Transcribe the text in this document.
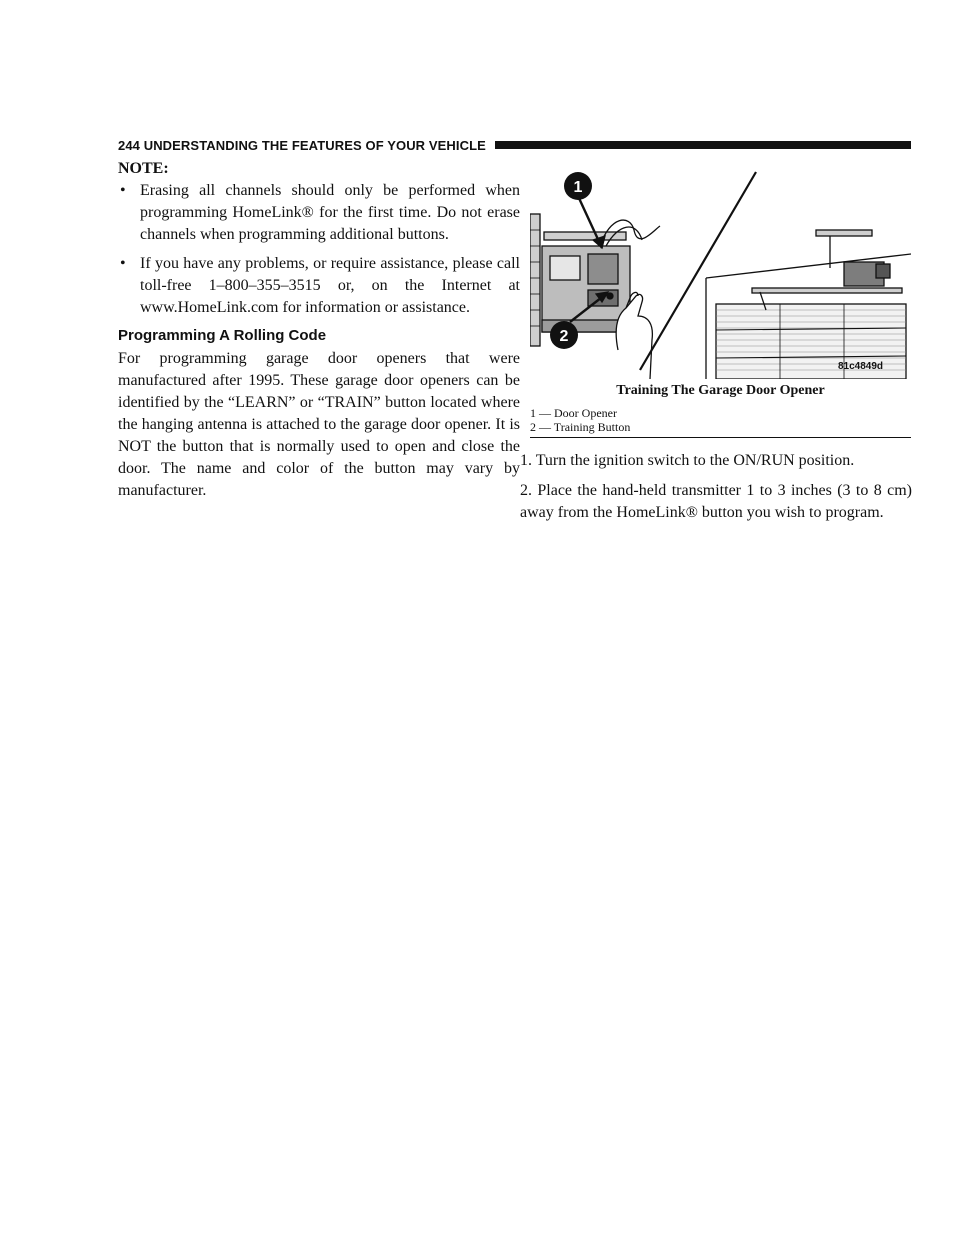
244 UNDERSTANDING THE FEATURES OF YOUR VEHICLE

NOTE:

• Erasing all channels should only be performed when programming HomeLink® for the first time. Do not erase channels when programming additional buttons.

• If you have any problems, or require assistance, please call toll-free 1–800–355–3515 or, on the Internet at www.HomeLink.com for information or assistance.

Programming A Rolling Code

For programming garage door openers that were manufactured after 1995. These garage door openers can be identified by the “LEARN” or “TRAIN” button located where the hanging antenna is attached to the garage door opener. It is NOT the button that is normally used to open and close the door. The name and color of the button may vary by manufacturer.

1
2
81c4849d
Training The Garage Door Opener
1 — Door Opener
2 — Training Button

1. Turn the ignition switch to the ON/RUN position.

2. Place the hand-held transmitter 1 to 3 inches (3 to 8 cm) away from the HomeLink® button you wish to program.
